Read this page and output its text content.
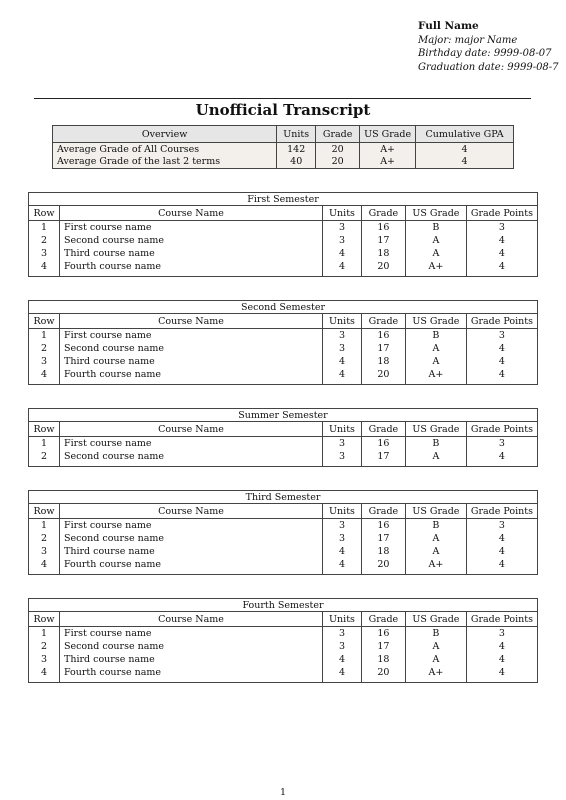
Full Name
Major: major Name
Birthday date: 9999-08-07
Graduation date: 9999-08-7
Unofficial Transcript
Overview	Units	Grade	US Grade	Cumulative GPA
Average Grade of All Courses	142	20	A+	4
Average Grade of the last 2 terms	40	20	A+	4
First Semester					
Row	Course Name	Units	Grade	US Grade	Grade Points
1	First course name	3	16	B	3
2	Second course name	3	17	A	4
3	Third course name	4	18	A	4
4	Fourth course name	4	20	A+	4
Second Semester					
Row	Course Name	Units	Grade	US Grade	Grade Points
1	First course name	3	16	B	3
2	Second course name	3	17	A	4
3	Third course name	4	18	A	4
4	Fourth course name	4	20	A+	4
Summer Semester					
Row	Course Name	Units	Grade	US Grade	Grade Points
1	First course name	3	16	B	3
2	Second course name	3	17	A	4
Third Semester					
Row	Course Name	Units	Grade	US Grade	Grade Points
1	First course name	3	16	B	3
2	Second course name	3	17	A	4
3	Third course name	4	18	A	4
4	Fourth course name	4	20	A+	4
Fourth Semester					
Row	Course Name	Units	Grade	US Grade	Grade Points
1	First course name	3	16	B	3
2	Second course name	3	17	A	4
3	Third course name	4	18	A	4
4	Fourth course name	4	20	A+	4
1
